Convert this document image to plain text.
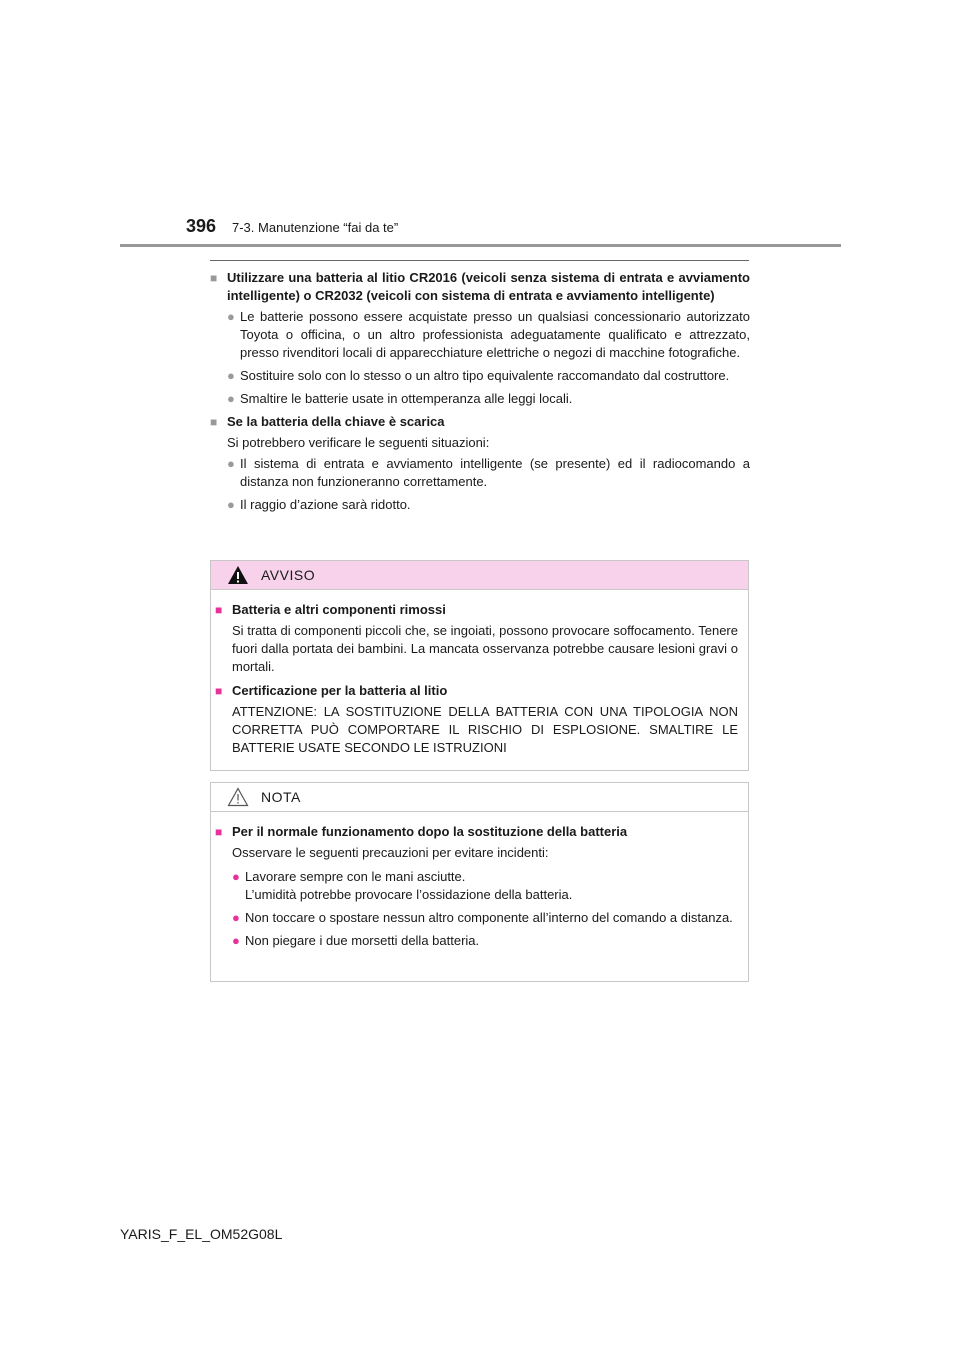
396 7-3. Manutenzione “fai da te”
■ Utilizzare una batteria al litio CR2016 (veicoli senza sistema di entrata e avviamento intelligente) o CR2032 (veicoli con sistema di entrata e avviamento intelligente)
● Le batterie possono essere acquistate presso un qualsiasi concessionario autorizzato Toyota o officina, o un altro professionista adeguatamente qualificato e attrezzato, presso rivenditori locali di apparecchiature elettriche o negozi di macchine fotografiche.
● Sostituire solo con lo stesso o un altro tipo equivalente raccomandato dal costruttore.
● Smaltire le batterie usate in ottemperanza alle leggi locali.
■ Se la batteria della chiave è scarica
Si potrebbero verificare le seguenti situazioni:
● Il sistema di entrata e avviamento intelligente (se presente) ed il radiocomando a distanza non funzioneranno correttamente.
● Il raggio d’azione sarà ridotto.
AVVISO
■ Batteria e altri componenti rimossi
Si tratta di componenti piccoli che, se ingoiati, possono provocare soffocamento. Tenere fuori dalla portata dei bambini. La mancata osservanza potrebbe causare lesioni gravi o mortali.
■ Certificazione per la batteria al litio
ATTENZIONE: LA SOSTITUZIONE DELLA BATTERIA CON UNA TIPOLOGIA NON CORRETTA PUÒ COMPORTARE IL RISCHIO DI ESPLOSIONE. SMALTIRE LE BATTERIE USATE SECONDO LE ISTRUZIONI
NOTA
■ Per il normale funzionamento dopo la sostituzione della batteria
Osservare le seguenti precauzioni per evitare incidenti:
● Lavorare sempre con le mani asciutte.
L’umidità potrebbe provocare l’ossidazione della batteria.
● Non toccare o spostare nessun altro componente all’interno del comando a distanza.
● Non piegare i due morsetti della batteria.
YARIS_F_EL_OM52G08L
